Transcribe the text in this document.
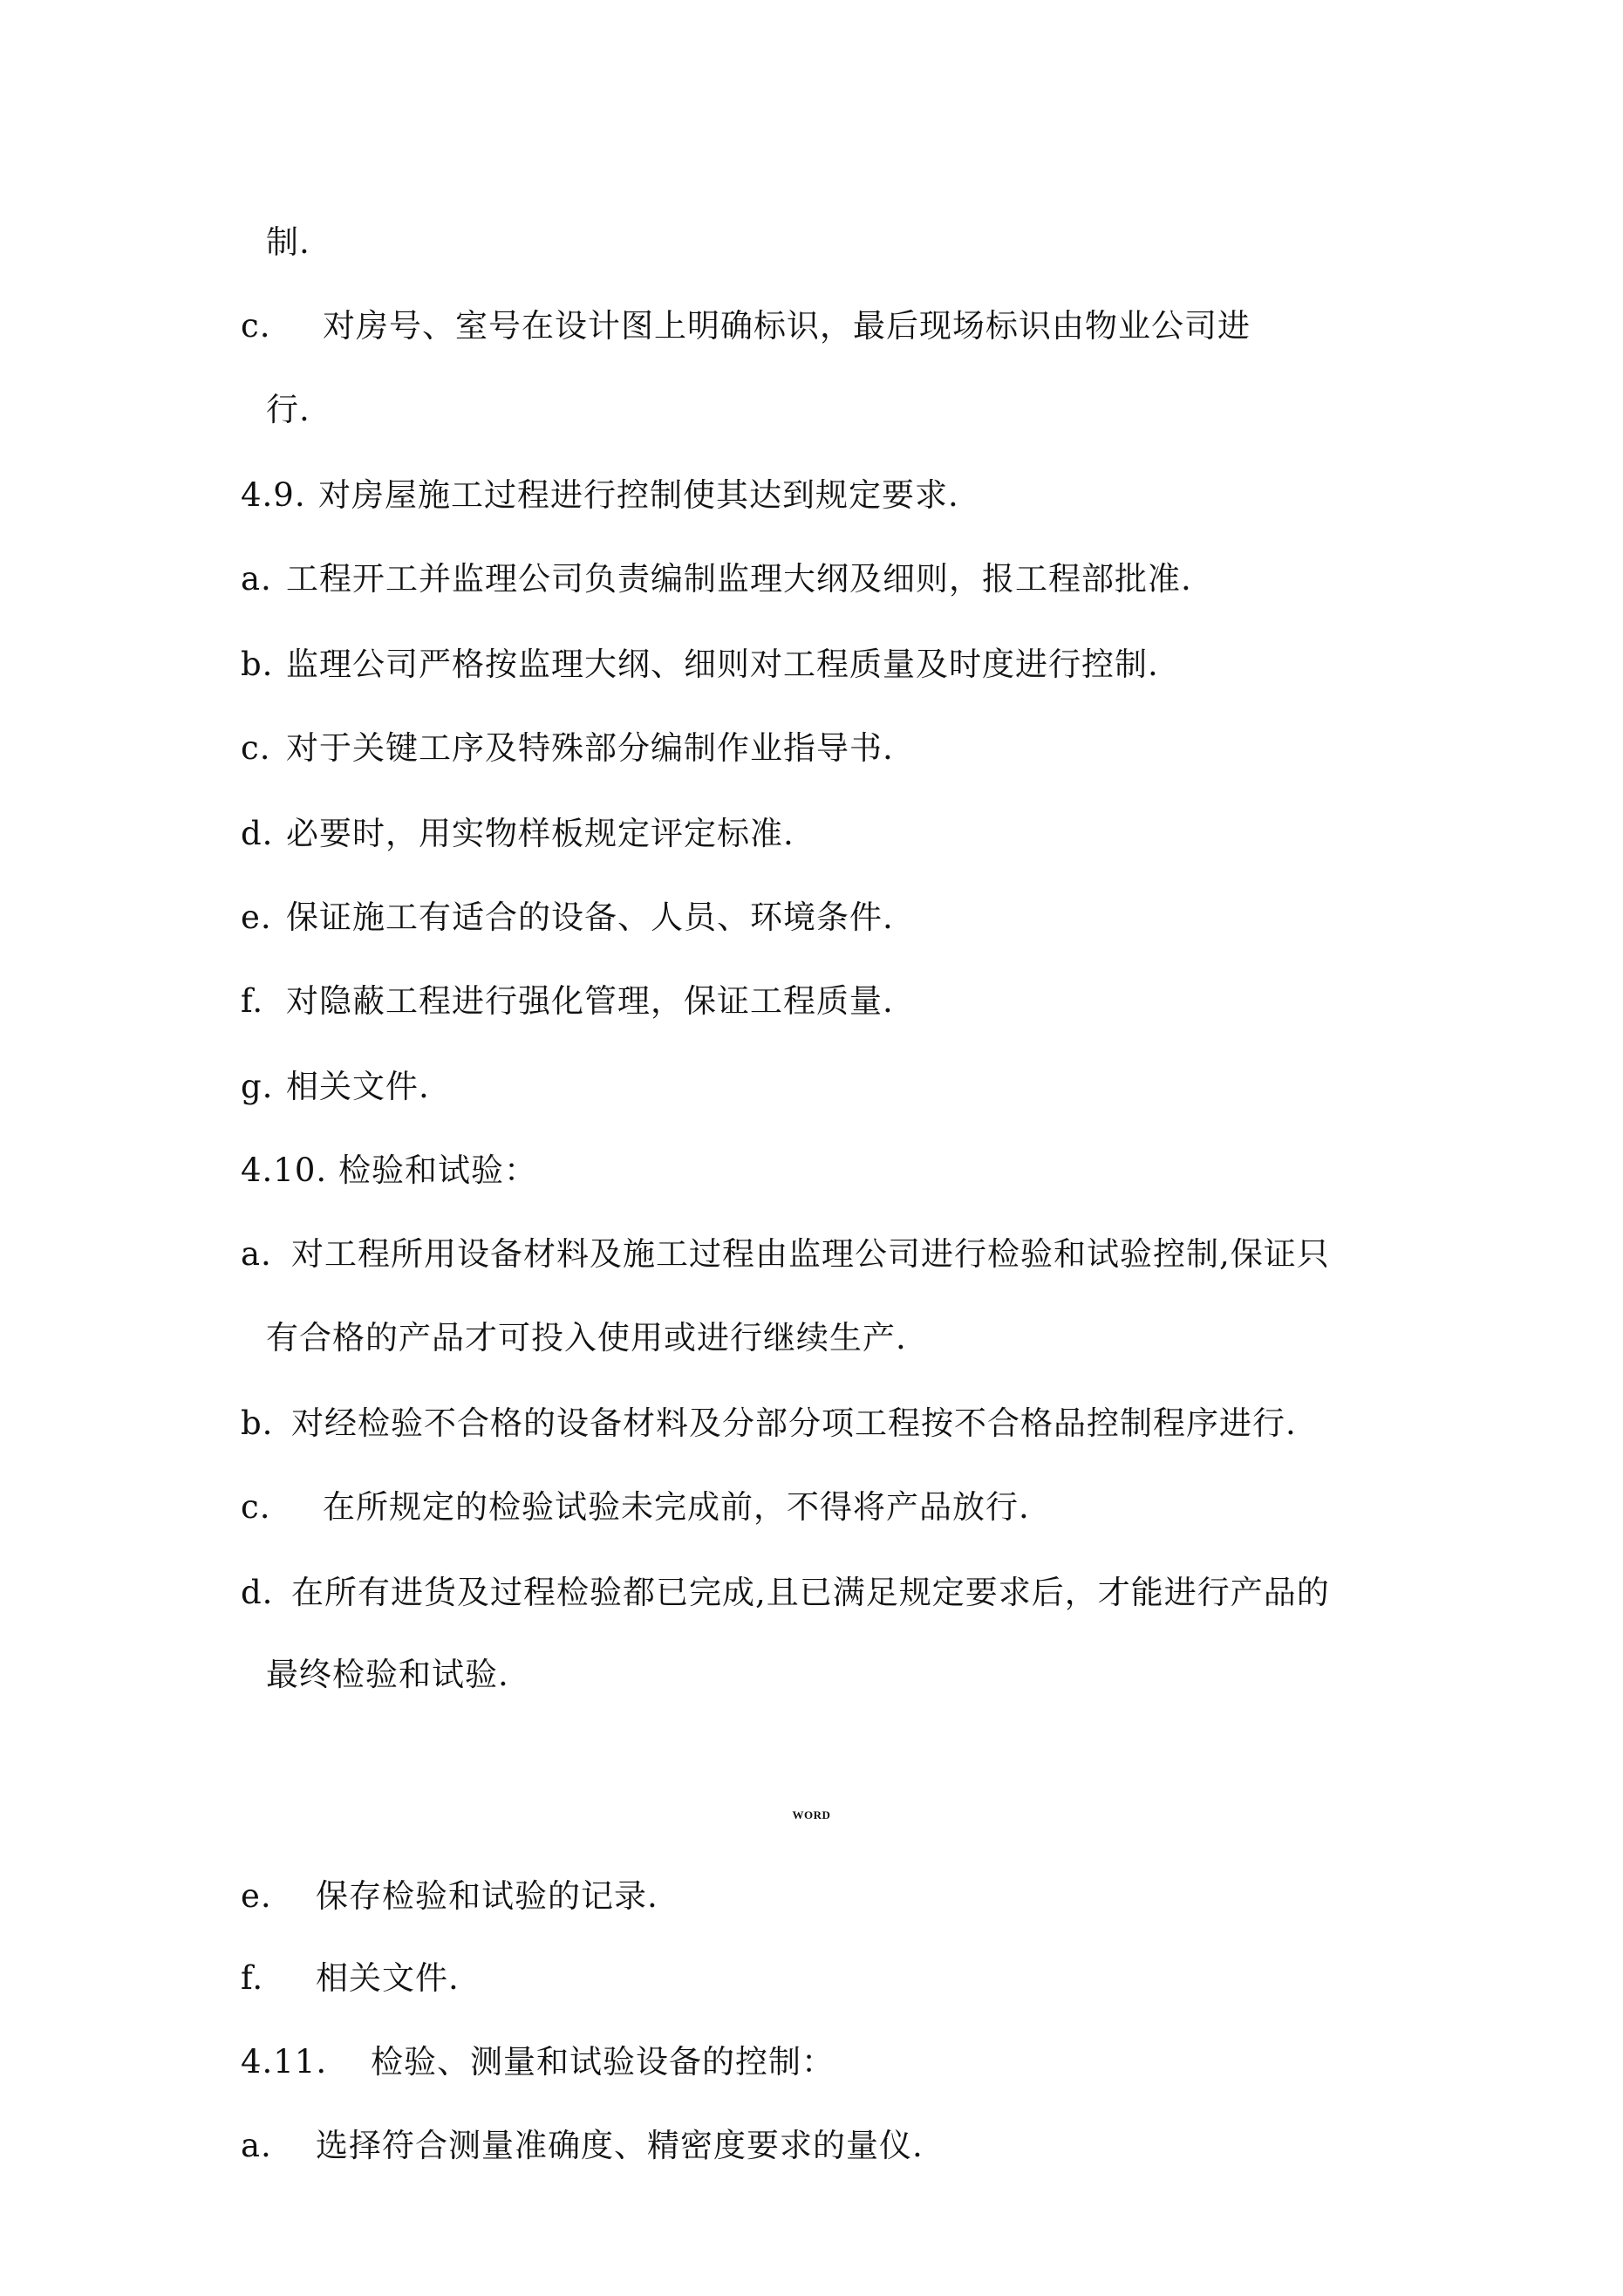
制.
c. 对房号、室号在设计图上明确标识，最后现场标识由物业公司进
行.
4.9. 对房屋施工过程进行控制使其达到规定要求.
a. 工程开工并监理公司负责编制监理大纲及细则，报工程部批准.
b. 监理公司严格按监理大纲、细则对工程质量及时度进行控制.
c. 对于关键工序及特殊部分编制作业指导书.
d. 必要时，用实物样板规定评定标准.
e. 保证施工有适合的设备、人员、环境条件.
f. 对隐蔽工程进行强化管理，保证工程质量.
g. 相关文件.
4.10. 检验和试验：
a. 对工程所用设备材料及施工过程由监理公司进行检验和试验控制,保证只
有合格的产品才可投入使用或进行继续生产.
b. 对经检验不合格的设备材料及分部分项工程按不合格品控制程序进行.
c. 在所规定的检验试验未完成前，不得将产品放行.
d. 在所有进货及过程检验都已完成,且已满足规定要求后，才能进行产品的
最终检验和试验.
WORD
e. 保存检验和试验的记录.
f. 相关文件.
4.11. 检验、测量和试验设备的控制：
a. 选择符合测量准确度、精密度要求的量仪.
